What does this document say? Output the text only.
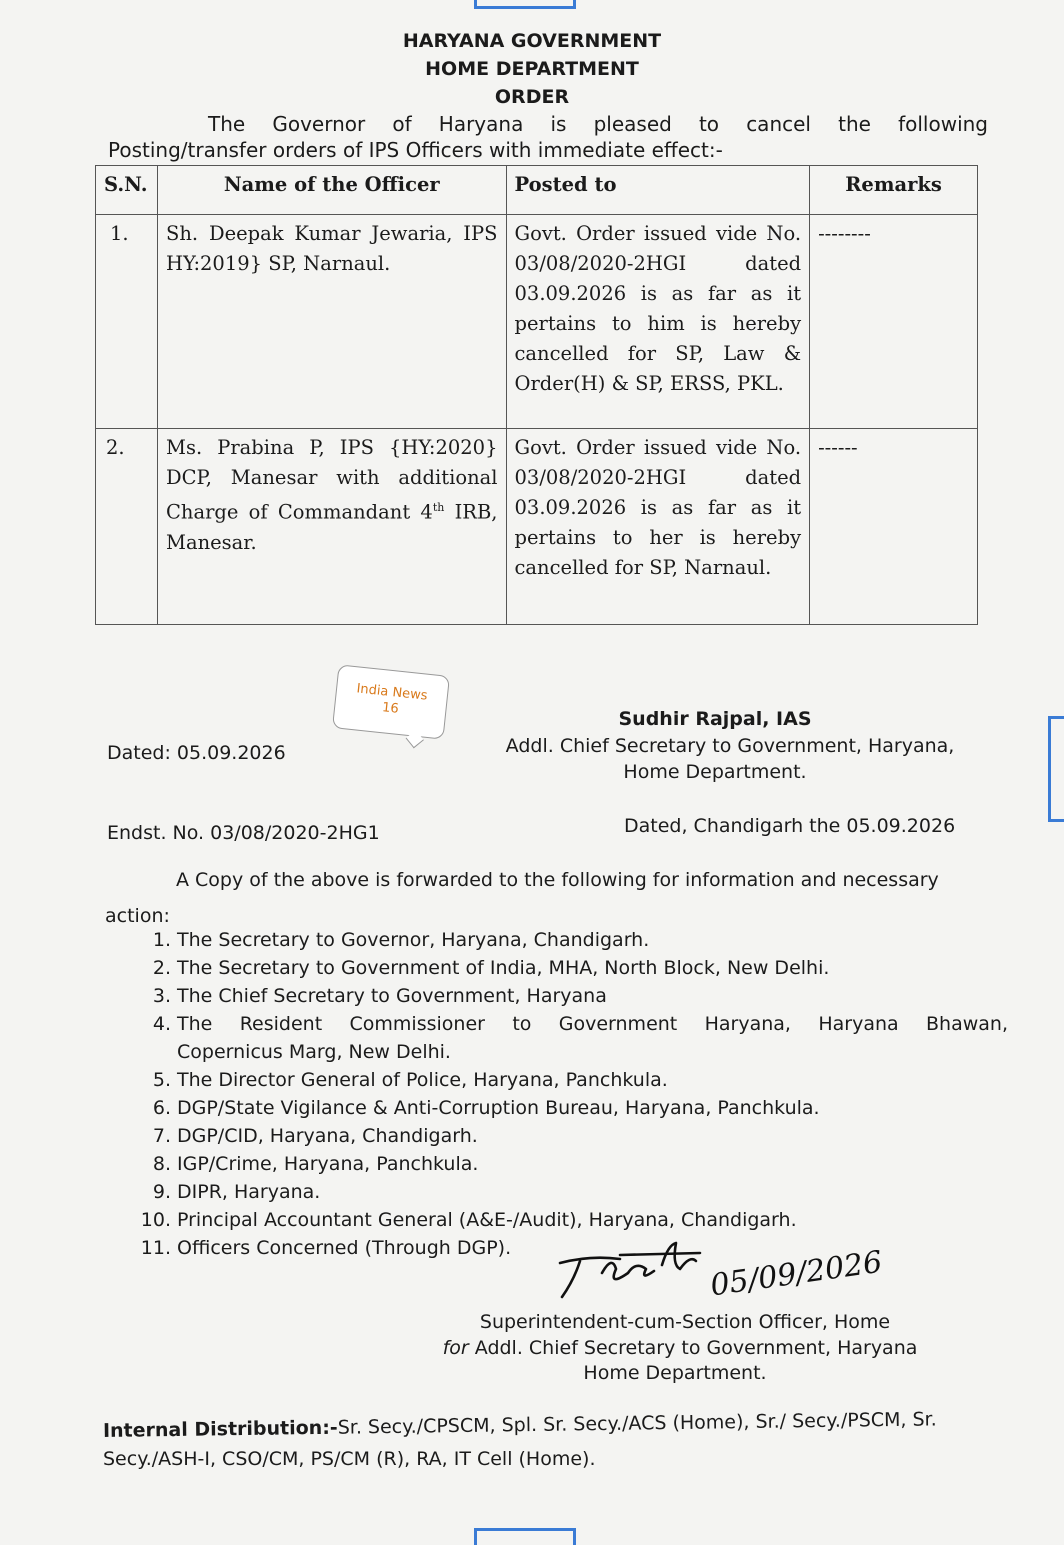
HARYANA GOVERNMENT
HOME DEPARTMENT
ORDER
The Governor of Haryana is pleased to cancel the following
Posting/transfer orders of IPS Officers with immediate effect:-
S.N.	Name of the Officer	Posted to	Remarks
1.	Sh. Deepak Kumar Jewaria, IPS HY:2019} SP, Narnaul.	Govt. Order issued vide No. 03/08/2020-2HGI dated 03.09.2026 is as far as it pertains to him is hereby cancelled for SP, Law & Order(H) & SP, ERSS, PKL.	--------
2.	Ms. Prabina P, IPS {HY:2020} DCP, Manesar with additional Charge of Commandant 4th IRB, Manesar.	Govt. Order issued vide No. 03/08/2020-2HGI dated 03.09.2026 is as far as it pertains to her is hereby cancelled for SP, Narnaul.	------
India News
16	Sudhir Rajpal, IAS
Addl. Chief Secretary to Government, Haryana,
Home Department.
Dated: 05.09.2026
Endst. No. 03/08/2020-2HG1	Dated, Chandigarh the 05.09.2026
A Copy of the above is forwarded to the following for information and necessary
action:
1. The Secretary to Governor, Haryana, Chandigarh.
2. The Secretary to Government of India, MHA, North Block, New Delhi.
3. The Chief Secretary to Government, Haryana
4. The Resident Commissioner to Government Haryana, Haryana Bhawan,
Copernicus Marg, New Delhi.
5. The Director General of Police, Haryana, Panchkula.
6. DGP/State Vigilance & Anti-Corruption Bureau, Haryana, Panchkula.
7. DGP/CID, Haryana, Chandigarh.
8. IGP/Crime, Haryana, Panchkula.
9. DIPR, Haryana.
10. Principal Accountant General (A&E-/Audit), Haryana, Chandigarh.
11. Officers Concerned (Through DGP).	05/09/2026
Superintendent-cum-Section Officer, Home
for Addl. Chief Secretary to Government, Haryana
Home Department.
Internal Distribution:-Sr. Secy./CPSCM, Spl. Sr. Secy./ACS (Home), Sr./ Secy./PSCM, Sr.
Secy./ASH-I, CSO/CM, PS/CM (R), RA, IT Cell (Home).
